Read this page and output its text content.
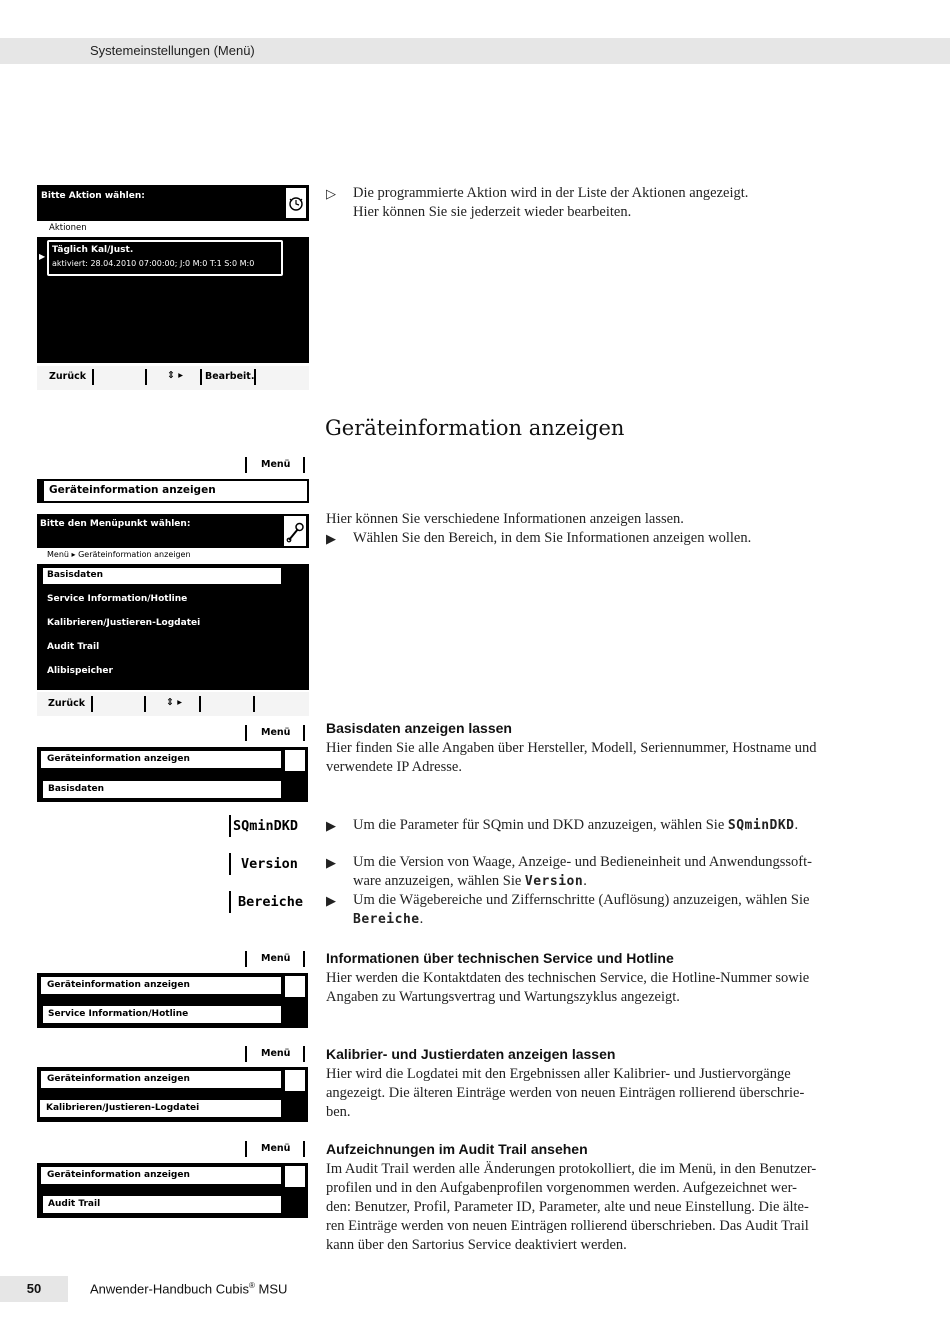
Systemeinstellungen (Menü)
Bitte Aktion wählen:
Aktionen
Täglich Kal/Just.
aktiviert: 28.04.2010 07:00:00; J:0 M:0 T:1 S:0 M:0
▶
Zurück	⇕ ▸ Bearbeit.
▷ Die programmierte Aktion wird in der Liste der Aktionen angezeigt.
Hier können Sie sie jederzeit wieder bearbeiten.
Geräteinformation anzeigen
Menü
Geräteinformation anzeigen
Bitte den Menüpunkt wählen:
Menü ▸ Geräteinformation anzeigen
Basisdaten
Service Information/Hotline
Kalibrieren/Justieren-Logdatei
Audit Trail
Alibispeicher
Zurück	⇕ ▸
Hier können Sie verschiedene Informationen anzeigen lassen.
▶ Wählen Sie den Bereich, in dem Sie Informationen anzeigen wollen.
Menü
Geräteinformation anzeigen
Basisdaten
Basisdaten anzeigen lassen
Hier finden Sie alle Angaben über Hersteller, Modell, Seriennummer, Hostname und verwendete IP Adresse.
SQminDKD
Version
Bereiche
▶ Um die Parameter für SQmin und DKD anzuzeigen, wählen Sie SQminDKD.
▶ Um die Version von Waage, Anzeige- und Bedieneinheit und Anwendungssoft-
ware anzuzeigen, wählen Sie Version.
▶ Um die Wägebereiche und Ziffernschritte (Auflösung) anzuzeigen, wählen Sie
Bereiche.
Menü
Geräteinformation anzeigen
Service Information/Hotline
Informationen über technischen Service und Hotline
Hier werden die Kontaktdaten des technischen Service, die Hotline-Nummer sowie
Angaben zu Wartungsvertrag und Wartungszyklus angezeigt.
Menü
Geräteinformation anzeigen
Kalibrieren/Justieren-Logdatei
Kalibrier- und Justierdaten anzeigen lassen
Hier wird die Logdatei mit den Ergebnissen aller Kalibrier- und Justiervorgänge
angezeigt. Die älteren Einträge werden von neuen Einträgen rollierend überschrie-
ben.
Menü
Geräteinformation anzeigen
Audit Trail
Aufzeichnungen im Audit Trail ansehen
Im Audit Trail werden alle Änderungen protokolliert, die im Menü, in den Benutzer-
profilen und in den Aufgabenprofilen vorgenommen werden. Aufgezeichnet wer-
den: Benutzer, Profil, Parameter ID, Parameter, alte und neue Einstellung. Die älte-
ren Einträge werden von neuen Einträgen rollierend überschrieben. Das Audit Trail
kann über den Sartorius Service deaktiviert werden.
50	Anwender-Handbuch Cubis® MSU
